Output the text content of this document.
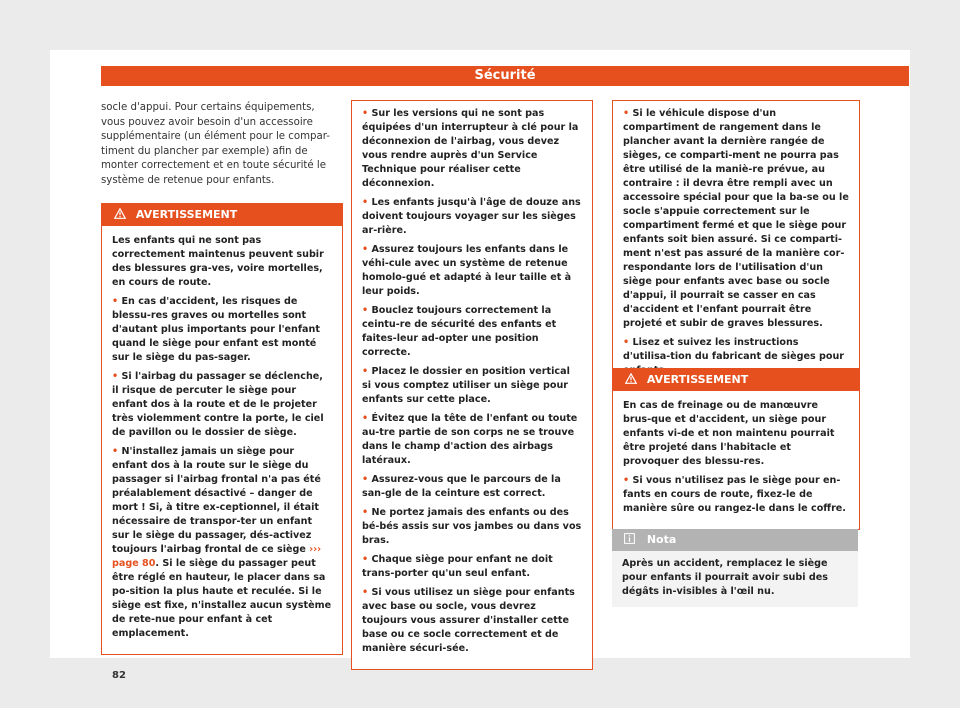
Sécurité
socle d'appui. Pour certains équipements, vous pouvez avoir besoin d'un accessoire supplémentaire (un élément pour le compar-timent du plancher par exemple) afin de monter correctement et en toute sécurité le système de retenue pour enfants.
AVERTISSEMENT

Les enfants qui ne sont pas correctement maintenus peuvent subir des blessures gra-ves, voire mortelles, en cours de route.

• En cas d'accident, les risques de blessu-res graves ou mortelles sont d'autant plus importants pour l'enfant quand le siège pour enfant est monté sur le siège du pas-sager.

• Si l'airbag du passager se déclenche, il risque de percuter le siège pour enfant dos à la route et de le projeter très violemment contre la porte, le ciel de pavillon ou le dossier de siège.

• N'installez jamais un siège pour enfant dos à la route sur le siège du passager si l'airbag frontal n'a pas été préalablement désactivé – danger de mort ! Si, à titre ex-ceptionnel, il était nécessaire de transpor-ter un enfant sur le siège du passager, dés-activez toujours l'airbag frontal de ce siège ››› page 80. Si le siège du passager peut être réglé en hauteur, le placer dans sa po-sition la plus haute et reculée. Si le siège est fixe, n'installez aucun système de rete-nue pour enfant à cet emplacement.

• Sur les versions qui ne sont pas équipées d'un interrupteur à clé pour la déconnexion de l'airbag, vous devez vous rendre auprès d'un Service Technique pour réaliser cette déconnexion.

• Les enfants jusqu'à l'âge de douze ans doivent toujours voyager sur les sièges ar-rière.

• Assurez toujours les enfants dans le véhi-cule avec un système de retenue homolo-gué et adapté à leur taille et à leur poids.

• Bouclez toujours correctement la ceintu-re de sécurité des enfants et faites-leur ad-opter une position correcte.

• Placez le dossier en position vertical si vous comptez utiliser un siège pour enfants sur cette place.

• Évitez que la tête de l'enfant ou toute au-tre partie de son corps ne se trouve dans le champ d'action des airbags latéraux.

• Assurez-vous que le parcours de la san-gle de la ceinture est correct.

• Ne portez jamais des enfants ou des bé-bés assis sur vos jambes ou dans vos bras.

• Chaque siège pour enfant ne doit trans-porter qu'un seul enfant.

• Si vous utilisez un siège pour enfants avec base ou socle, vous devrez toujours vous assurer d'installer cette base ou ce socle correctement et de manière sécuri-sée.

• Si le véhicule dispose d'un compartiment de rangement dans le plancher avant la dernière rangée de sièges, ce comparti-ment ne pourra pas être utilisé de la maniè-re prévue, au contraire : il devra être rempli avec un accessoire spécial pour que la ba-se ou le socle s'appuie correctement sur le compartiment fermé et que le siège pour enfants soit bien assuré. Si ce comparti-ment n'est pas assuré de la manière cor-respondante lors de l'utilisation d'un siège pour enfants avec base ou socle d'appui, il pourrait se casser en cas d'accident et l'enfant pourrait être projeté et subir de graves blessures.

• Lisez et suivez les instructions d'utilisa-tion du fabricant de sièges pour

AVERTISSEMENT

En cas de freinage ou de manœuvre brus-que et d'accident, un siège pour enfants vi-de et non maintenu pourrait être projeté dans l'habitacle et provoquer des blessu-res.

• Si vous n'utilisez pas le siège pour en-fants en cours de route, fixez-le de manière sûre ou rangez-le dans le coffre.

Nota
Après un accident, remplacez le siège pour enfants il pourrait avoir subi des dégâts in-visibles à l'œil nu.
82
